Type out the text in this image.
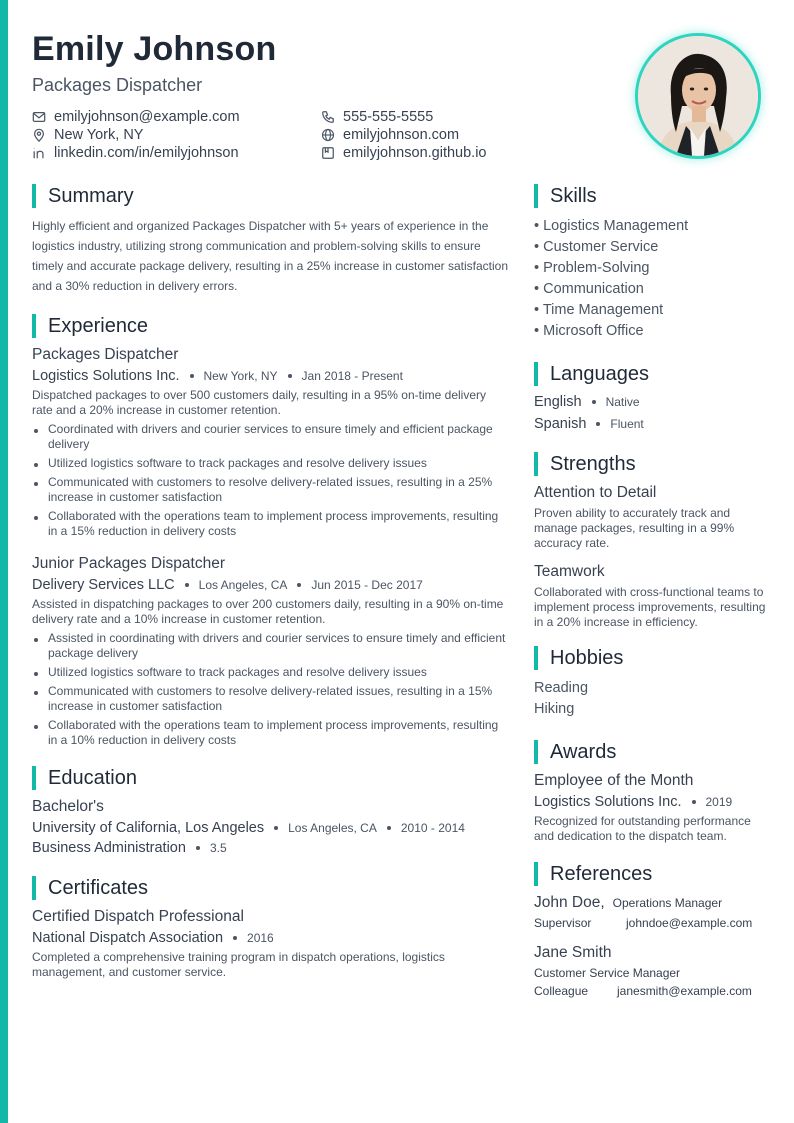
Emily Johnson
Packages Dispatcher
emilyjohnson@example.com	555-555-5555
New York, NY	emilyjohnson.com
linkedin.com/in/emilyjohnson	emilyjohnson.github.io
Summary
Highly efficient and organized Packages Dispatcher with 5+ years of experience in the logistics industry, utilizing strong communication and problem-solving skills to ensure timely and accurate package delivery, resulting in a 25% increase in customer satisfaction and a 30% reduction in delivery errors.
Experience
Packages Dispatcher
Logistics Solutions Inc. New York, NY Jan 2018 - Present
Dispatched packages to over 500 customers daily, resulting in a 95% on-time delivery rate and a 20% increase in customer retention.
Coordinated with drivers and courier services to ensure timely and efficient package delivery
Utilized logistics software to track packages and resolve delivery issues
Communicated with customers to resolve delivery-related issues, resulting in a 25% increase in customer satisfaction
Collaborated with the operations team to implement process improvements, resulting in a 15% reduction in delivery costs
Junior Packages Dispatcher
Delivery Services LLC Los Angeles, CA Jun 2015 - Dec 2017
Assisted in dispatching packages to over 200 customers daily, resulting in a 90% on-time delivery rate and a 10% increase in customer retention.
Assisted in coordinating with drivers and courier services to ensure timely and efficient package delivery
Utilized logistics software to track packages and resolve delivery issues
Communicated with customers to resolve delivery-related issues, resulting in a 15% increase in customer satisfaction
Collaborated with the operations team to implement process improvements, resulting in a 10% reduction in delivery costs
Education
Bachelor's
University of California, Los Angeles Los Angeles, CA 2010 - 2014
Business Administration 3.5
Certificates
Certified Dispatch Professional
National Dispatch Association 2016
Completed a comprehensive training program in dispatch operations, logistics management, and customer service.
Skills
• Logistics Management
• Customer Service
• Problem-Solving
• Communication
• Time Management
• Microsoft Office
Languages
English Native
Spanish Fluent
Strengths
Attention to Detail
Proven ability to accurately track and manage packages, resulting in a 99% accuracy rate.
Teamwork
Collaborated with cross-functional teams to implement process improvements, resulting in a 20% increase in efficiency.
Hobbies
Reading
Hiking
Awards
Employee of the Month
Logistics Solutions Inc. 2019
Recognized for outstanding performance and dedication to the dispatch team.
References
John Doe, Operations Manager
Supervisor	johndoe@example.com
Jane Smith
Customer Service Manager
Colleague	janesmith@example.com
